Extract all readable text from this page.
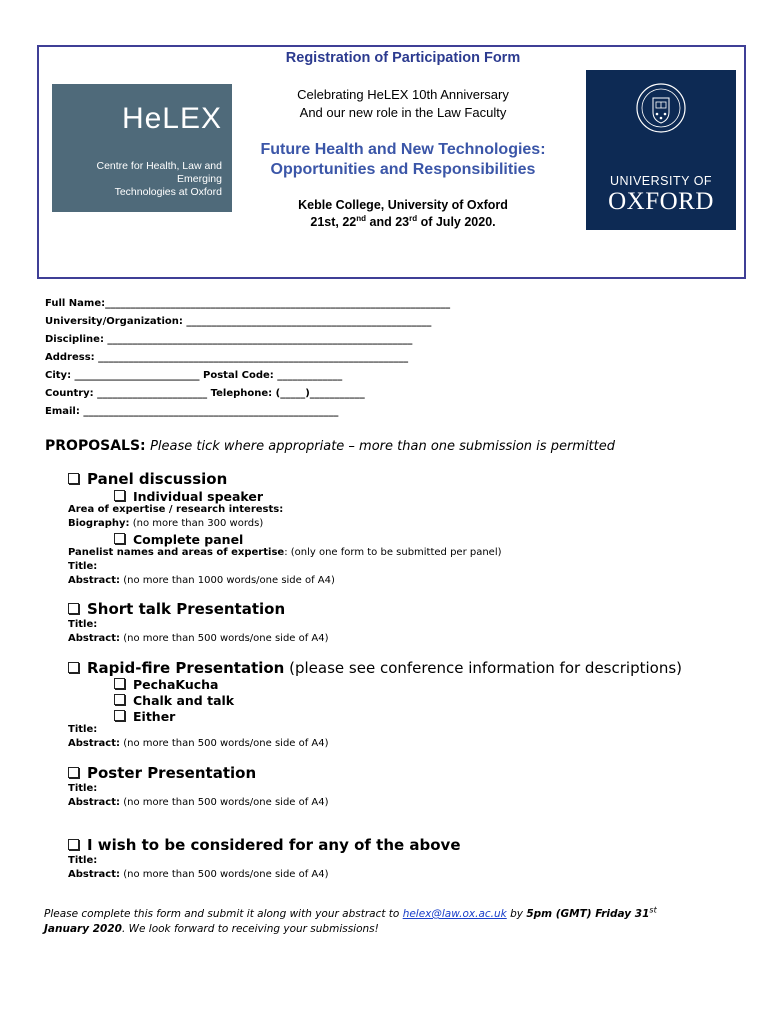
HeLEX
Centre for Health, Law and Emerging
Technologies at Oxford
UNIVERSITY OF
OXFORD
Registration of Participation Form
Celebrating HeLEX 10th Anniversary
And our new role in the Law Faculty
Future Health and New Technologies:
Opportunities and Responsibilities
Keble College, University of Oxford
21st, 22nd and 23rd of July 2020.
Full Name:_____________________________________________________________________
University/Organization: _________________________________________________
Discipline: _____________________________________________________________
Address: ______________________________________________________________
City: _________________________ Postal Code: _____________
Country: ______________________ Telephone: (_____)___________
Email: ___________________________________________________
PROPOSALS: Please tick where appropriate – more than one submission is permitted
Panel discussion
Individual speaker
Area of expertise / research interests:
Biography: (no more than 300 words)
Complete panel
Panelist names and areas of expertise: (only one form to be submitted per panel)
Title:
Abstract: (no more than 1000 words/one side of A4)
Short talk Presentation
Title:
Abstract: (no more than 500 words/one side of A4)
Rapid-fire Presentation (please see conference information for descriptions)
PechaKucha
Chalk and talk
Either
Title:
Abstract: (no more than 500 words/one side of A4)
Poster Presentation
Title:
Abstract: (no more than 500 words/one side of A4)
I wish to be considered for any of the above
Title:
Abstract: (no more than 500 words/one side of A4)
Please complete this form and submit it along with your abstract to helex@law.ox.ac.uk by 5pm (GMT) Friday 31st
January 2020. We look forward to receiving your submissions!
